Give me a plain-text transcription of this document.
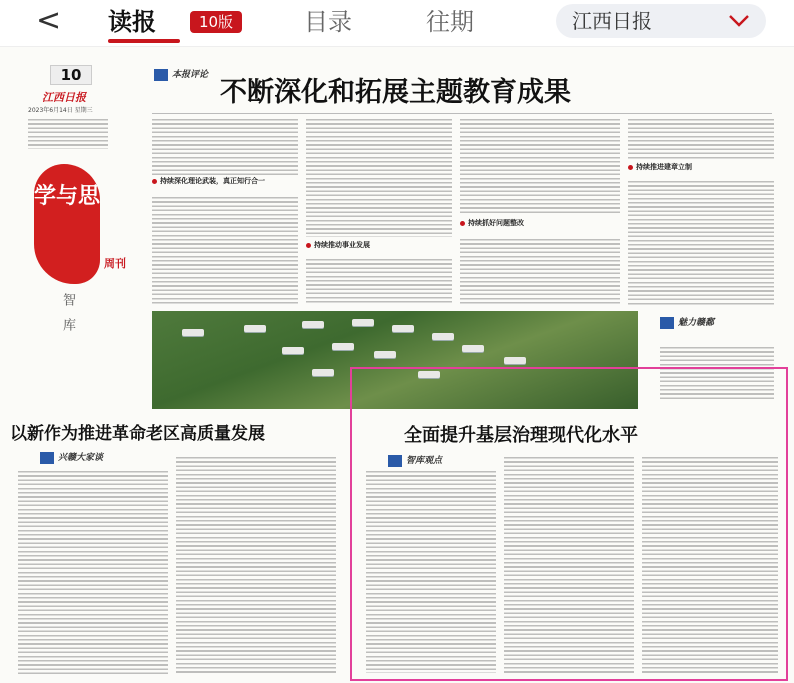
< 读报	10版	目录	往期	江西日报
10
江西日报
2023年6月14日 星期三
学与思
周刊
智 库
本报评论
不断深化和拓展主题教育成果
持续深化理论武装，真正知行合一
持续推动事业发展
持续抓好问题整改
持续推进建章立制
魅力赣鄱
以新作为推进革命老区高质量发展
兴赣大家谈
全面提升基层治理现代化水平
智库观点
